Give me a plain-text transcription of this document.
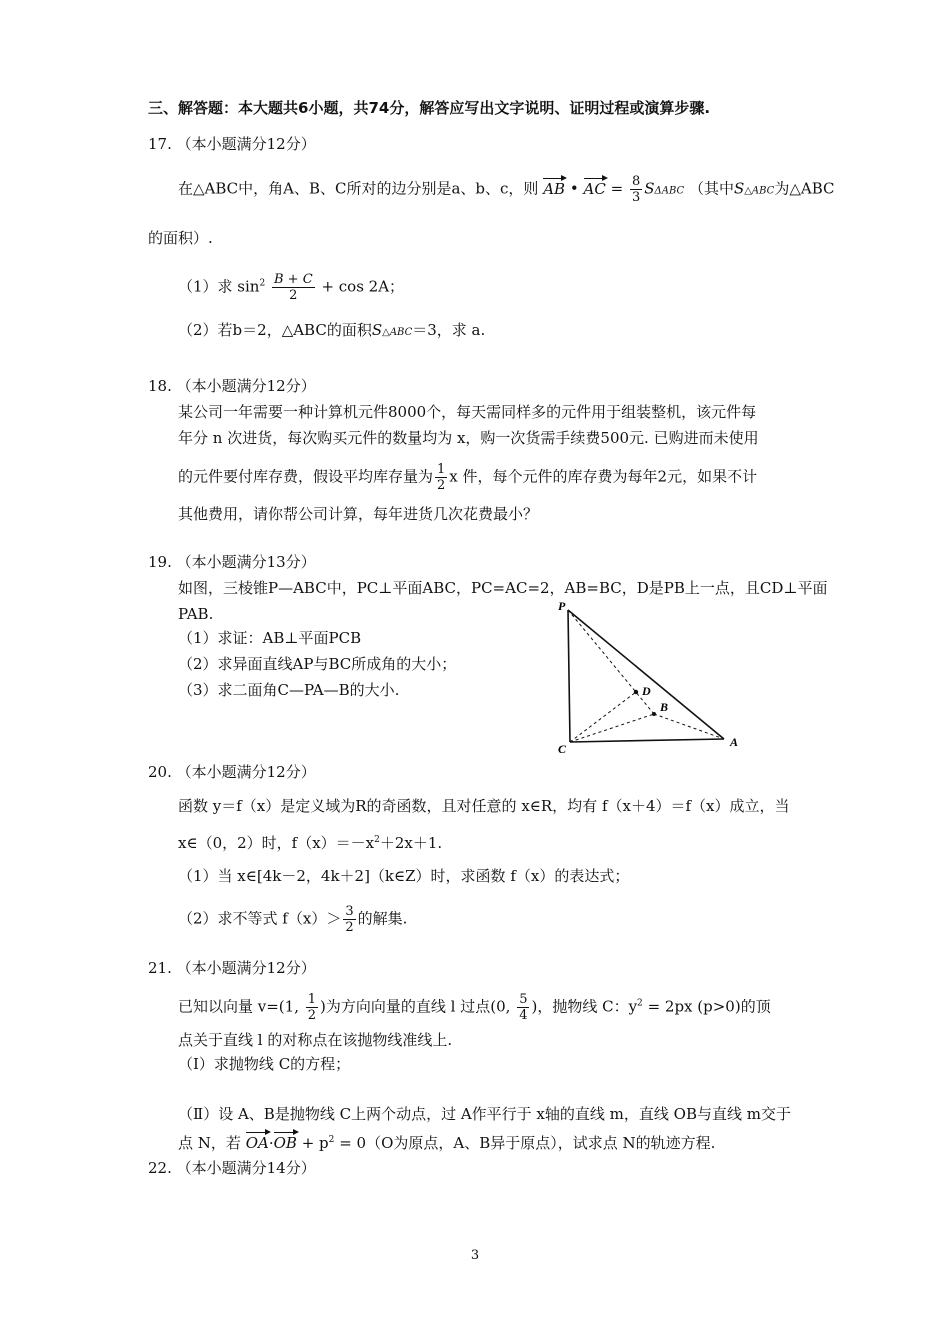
三、解答题：本大题共6小题，共74分，解答应写出文字说明、证明过程或演算步骤.
17. （本小题满分12分）
在△ABC中，角A、B、C所对的边分别是a、b、c，则 AB • AC = $\frac{8}{3}$ SΔABC （其中S△ABC为△ABC
的面积）.
（1）求 $\sin^2 \frac{B + C}{2} + \cos 2A$；
（2）若b＝2，△ABC的面积S△ABC＝3，求 a.
18. （本小题满分12分）
某公司一年需要一种计算机元件8000个，每天需同样多的元件用于组装整机，该元件每
年分 n 次进货，每次购买元件的数量均为 x，购一次货需手续费500元. 已购进而未使用
的元件要付库存费，假设平均库存量为 $\frac{1}{2}$ x 件，每个元件的库存费为每年2元，如果不计
其他费用，请你帮公司计算，每年进货几次花费最小？
19. （本小题满分13分）
如图，三棱锥P—ABC中，PC⊥平面ABC，PC=AC=2，AB=BC，D是PB上一点，且CD⊥平面
PAB.
（1）求证：AB⊥平面PCB
（2）求异面直线AP与BC所成角的大小；
（3）求二面角C—PA—B的大小.
P
D
B
C	A
20. （本小题满分12分）
函数 y＝f（x）是定义域为R的奇函数，且对任意的 x∈R，均有 f（x＋4）＝f（x）成立，当
x∈（0，2）时，$f(x)=-x^2+2x+1$.
（1）当 x∈[4k－2，4k＋2]（k∈Z）时，求函数 f（x）的表达式；
（2）求不等式 $f(x)> \frac{3}{2}$ 的解集.
21. （本小题满分12分）
已知以向量 v=(1, $\frac{1}{2}$ )为方向向量的直线 l 过点(0, $\frac{5}{4}$ )，抛物线 C：$y^2 = 2px$ (p>0)的顶
点关于直线 l 的对称点在该抛物线准线上.
（Ⅰ）求抛物线 C的方程；
（Ⅱ）设 A、B是抛物线 C上两个动点，过 A作平行于 x轴的直线 m，直线 OB与直线 m交于
点 N，若 $OA\cdot OB + p^2 = 0(O$为原点，A、B异于原点），试求点 N的轨迹方程.
22. （本小题满分14分）
3
